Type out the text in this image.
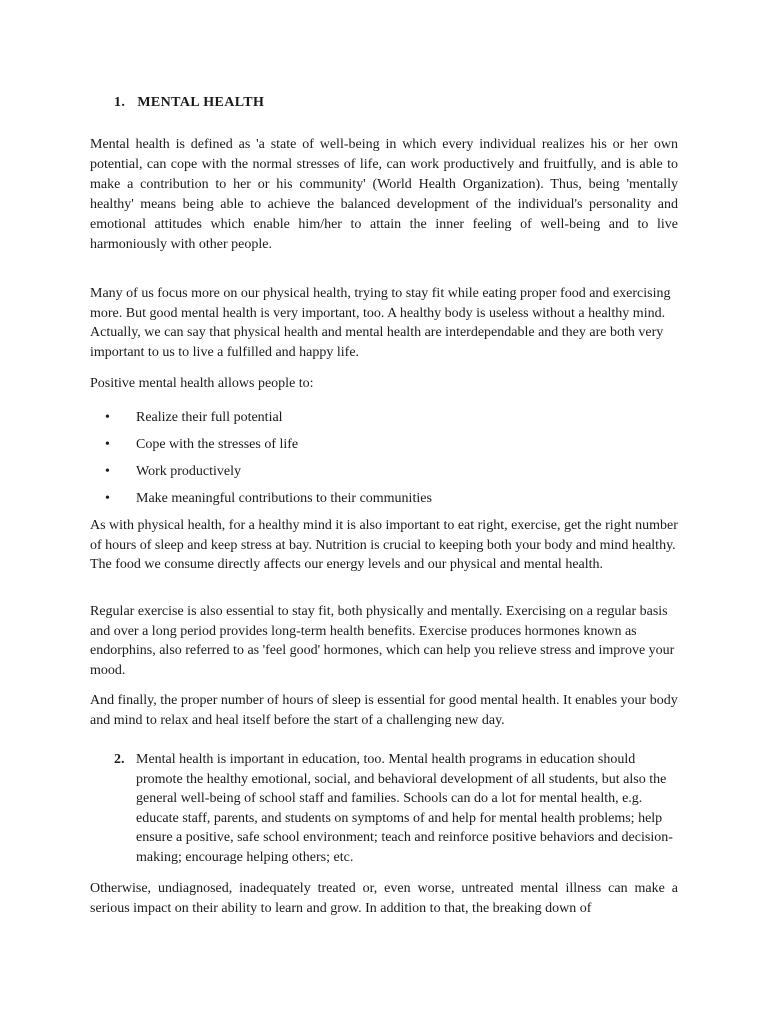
1. MENTAL HEALTH

Mental health is defined as 'a state of well-being in which every individual realizes his or her own potential, can cope with the normal stresses of life, can work productively and fruitfully, and is able to make a contribution to her or his community' (World Health Organization). Thus, being 'mentally healthy' means being able to achieve the balanced development of the individual's personality and emotional attitudes which enable him/her to attain the inner feeling of well-being and to live harmoniously with other people.

Many of us focus more on our physical health, trying to stay fit while eating proper food and exercising more. But good mental health is very important, too. A healthy body is useless without a healthy mind. Actually, we can say that physical health and mental health are interdependable and they are both very important to us to live a fulfilled and happy life.

Positive mental health allows people to:

• Realize their full potential
• Cope with the stresses of life
• Work productively
• Make meaningful contributions to their communities

As with physical health, for a healthy mind it is also important to eat right, exercise, get the right number of hours of sleep and keep stress at bay. Nutrition is crucial to keeping both your body and mind healthy. The food we consume directly affects our energy levels and our physical and mental health.

Regular exercise is also essential to stay fit, both physically and mentally. Exercising on a regular basis and over a long period provides long-term health benefits. Exercise produces hormones known as endorphins, also referred to as 'feel good' hormones, which can help you relieve stress and improve your mood.

And finally, the proper number of hours of sleep is essential for good mental health. It enables your body and mind to relax and heal itself before the start of a challenging new day.

2. Mental health is important in education, too. Mental health programs in education should promote the healthy emotional, social, and behavioral development of all students, but also the general well-being of school staff and families. Schools can do a lot for mental health, e.g. educate staff, parents, and students on symptoms of and help for mental health problems; help ensure a positive, safe school environment; teach and reinforce positive behaviors and decision-making; encourage helping others; etc.

Otherwise, undiagnosed, inadequately treated or, even worse, untreated mental illness can make a serious impact on their ability to learn and grow. In addition to that, the breaking down of
